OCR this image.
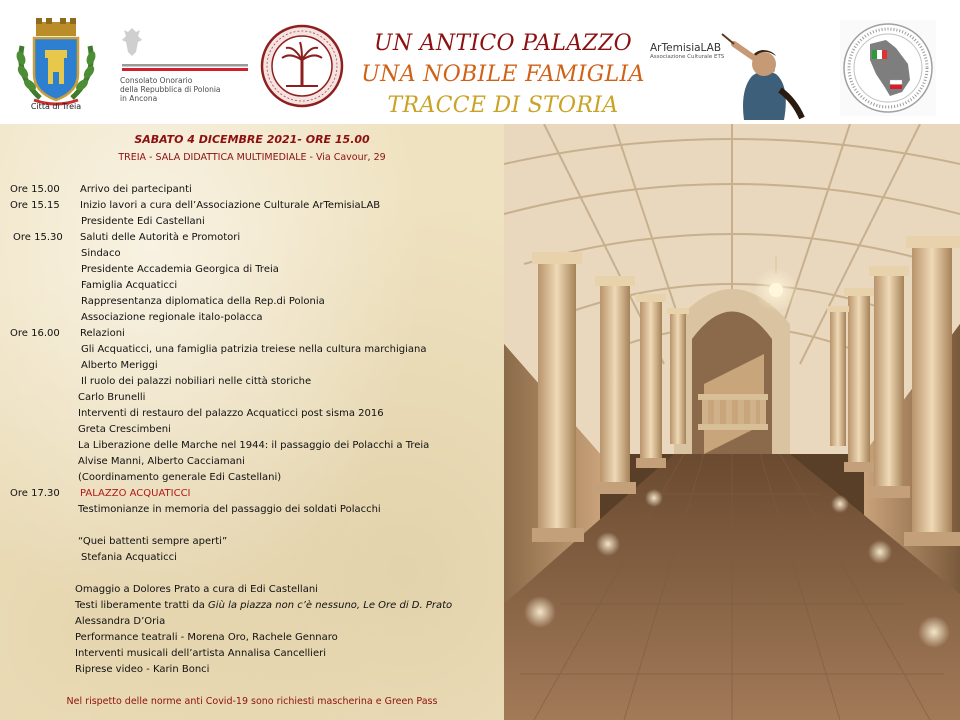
Città di Treia
Consolato Onorario
della Repubblica di Polonia
in Ancona
UN ANTICO PALAZZO
UNA NOBILE FAMIGLIA
TRACCE DI STORIA
ArTemisiaLAB
Associazione Culturale ETS
SABATO 4 DICEMBRE 2021- ORE 15.00
TREIA - SALA DIDATTICA MULTIMEDIALE - Via Cavour, 29
Ore 15.00
Ore 15.15
Ore 15.30
Ore 16.00
Ore 17.30
Arrivo dei partecipanti
Inizio lavori a cura dell’Associazione Culturale ArTemisiaLAB
Presidente Edi Castellani
Saluti delle Autorità e Promotori
Sindaco
Presidente Accademia Georgica di Treia
Famiglia Acquaticci
Rappresentanza diplomatica della Rep.di Polonia
Associazione regionale italo-polacca
Relazioni
Gli Acquaticci, una famiglia patrizia treiese nella cultura marchigiana
Alberto Meriggi
Il ruolo dei palazzi nobiliari nelle città storiche
Carlo Brunelli
Interventi di restauro del palazzo Acquaticci post sisma 2016
Greta Crescimbeni
La Liberazione delle Marche nel 1944: il passaggio dei Polacchi a Treia
Alvise Manni, Alberto Cacciamani
(Coordinamento generale Edi Castellani)
PALAZZO ACQUATICCI
Testimonianze in memoria del passaggio dei soldati Polacchi
“Quei battenti sempre aperti”
Stefania Acquaticci
Omaggio a Dolores Prato a cura di Edi Castellani
Testi liberamente tratti da Giù la piazza non c’è nessuno, Le Ore di D. Prato
Alessandra D’Oria
Performance teatrali - Morena Oro, Rachele Gennaro
Interventi musicali dell’artista Annalisa Cancellieri
Riprese video - Karin Bonci
Nel rispetto delle norme anti Covid-19 sono richiesti mascherina e Green Pass
